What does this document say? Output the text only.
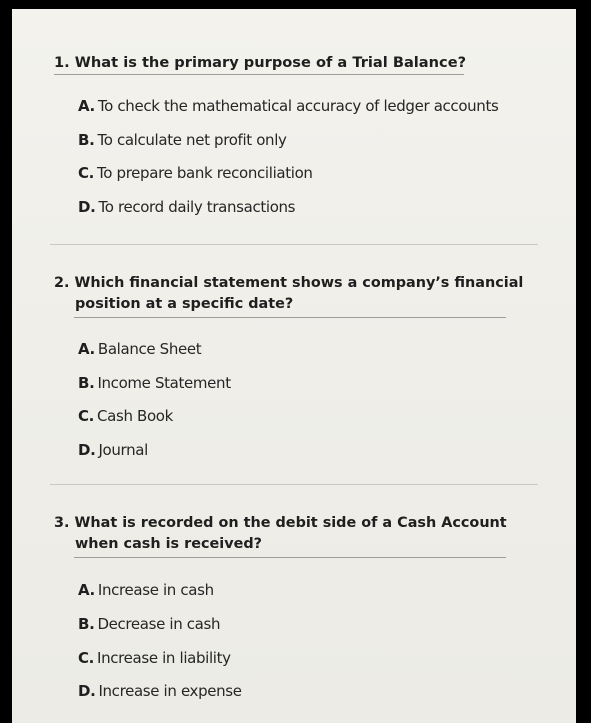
1. What is the primary purpose of a Trial Balance?

A. To check the mathematical accuracy of ledger accounts
B. To calculate net profit only
C. To prepare bank reconciliation
D. To record daily transactions

2. Which financial statement shows a company’s financial
position at a specific date?

A. Balance Sheet
B. Income Statement
C. Cash Book
D. Journal

3. What is recorded on the debit side of a Cash Account
when cash is received?

A. Increase in cash
B. Decrease in cash
C. Increase in liability
D. Increase in expense
